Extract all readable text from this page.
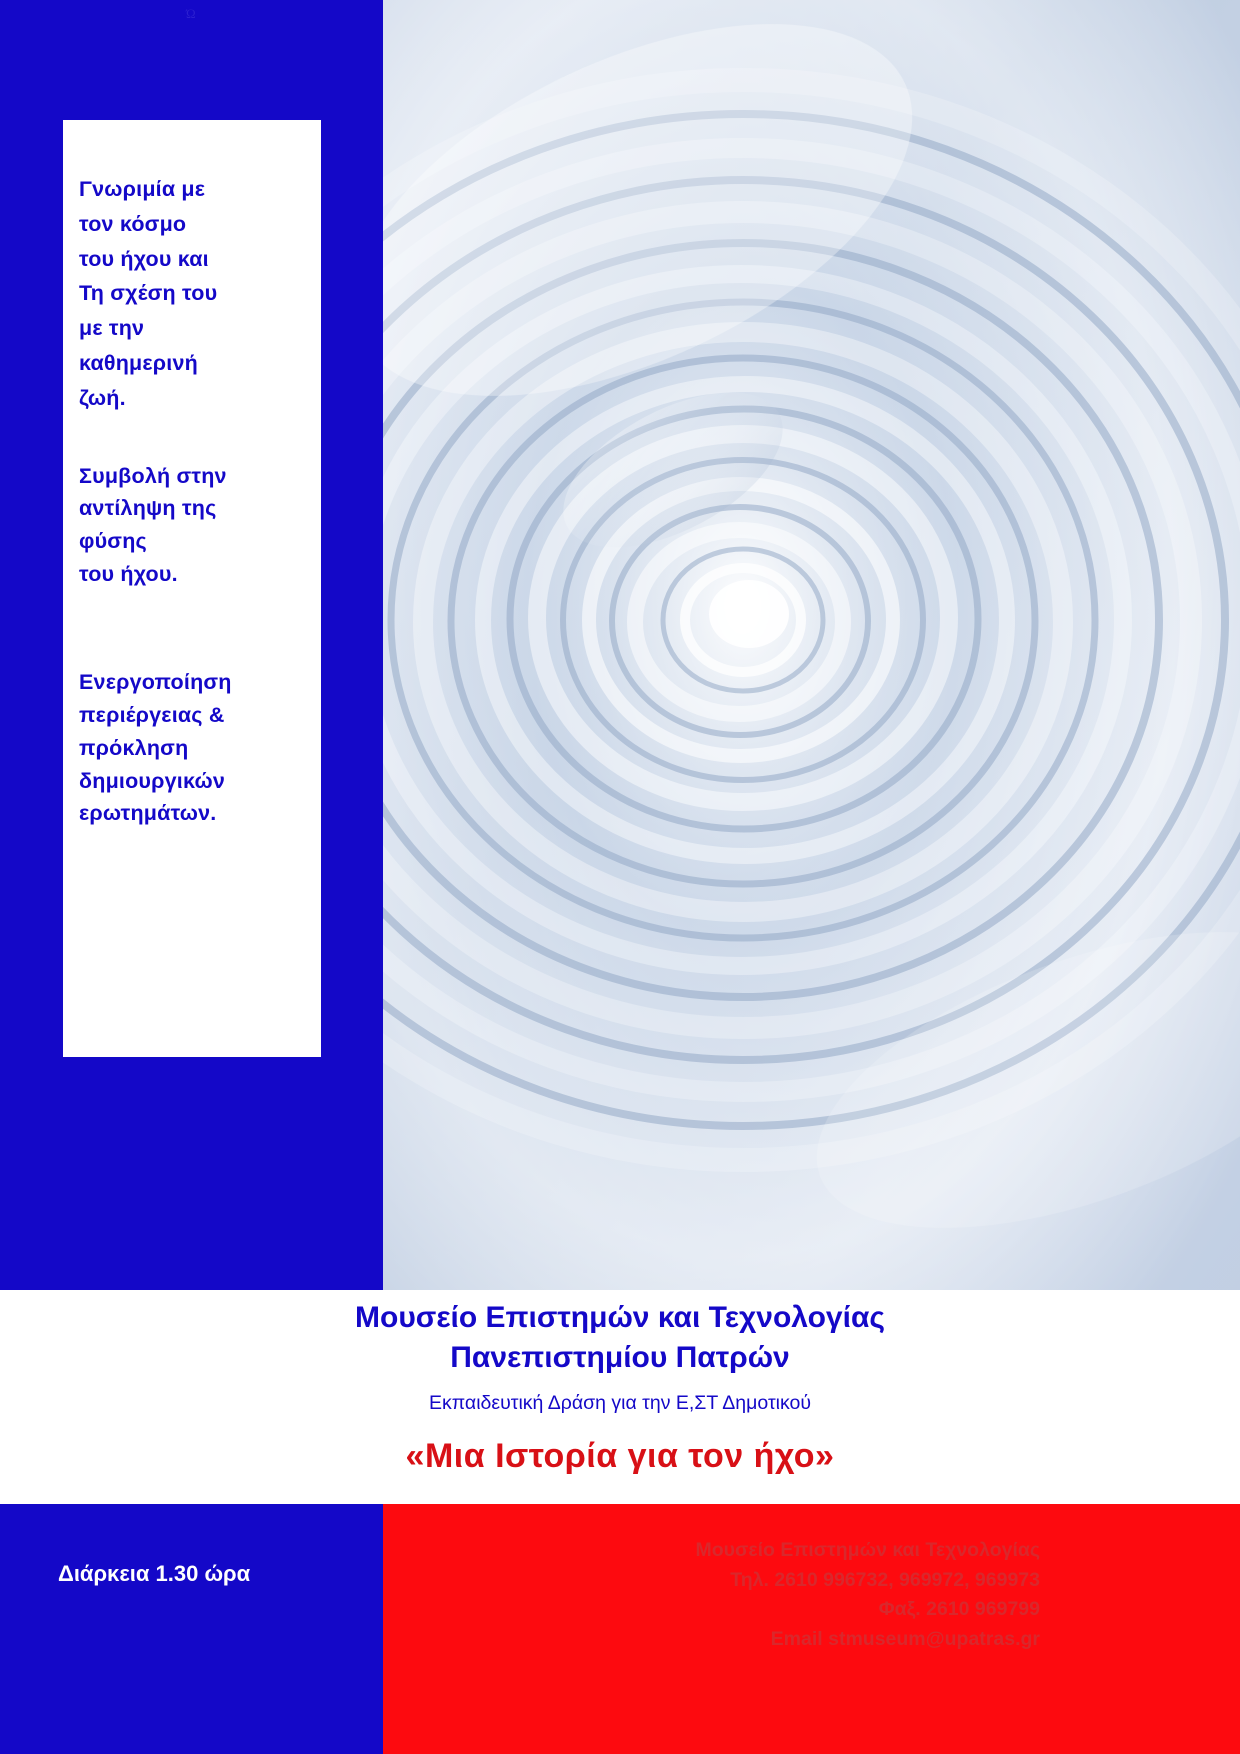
Ώ

Γνωριμία με
τον κόσμο
του ήχου και
Τη σχέση του
με την
καθημερινή
ζωή.

Συμβολή στην
αντίληψη της
φύσης
του ήχου.

Ενεργοποίηση
περιέργειας &
πρόκληση
δημιουργικών
ερωτημάτων.

Μουσείο Επιστημών και Τεχνολογίας
Πανεπιστημίου Πατρών
Εκπαιδευτική Δράση για την Ε,ΣΤ Δημοτικού
«Μια Ιστορία για τον ήχο»
Διάρκεια 1.30 ώρα
Μουσείο Επιστημών και Τεχνολογίας
Τηλ. 2610 996732, 969972, 969973
Φαξ. 2610 969799
Email stmuseum@upatras.gr
